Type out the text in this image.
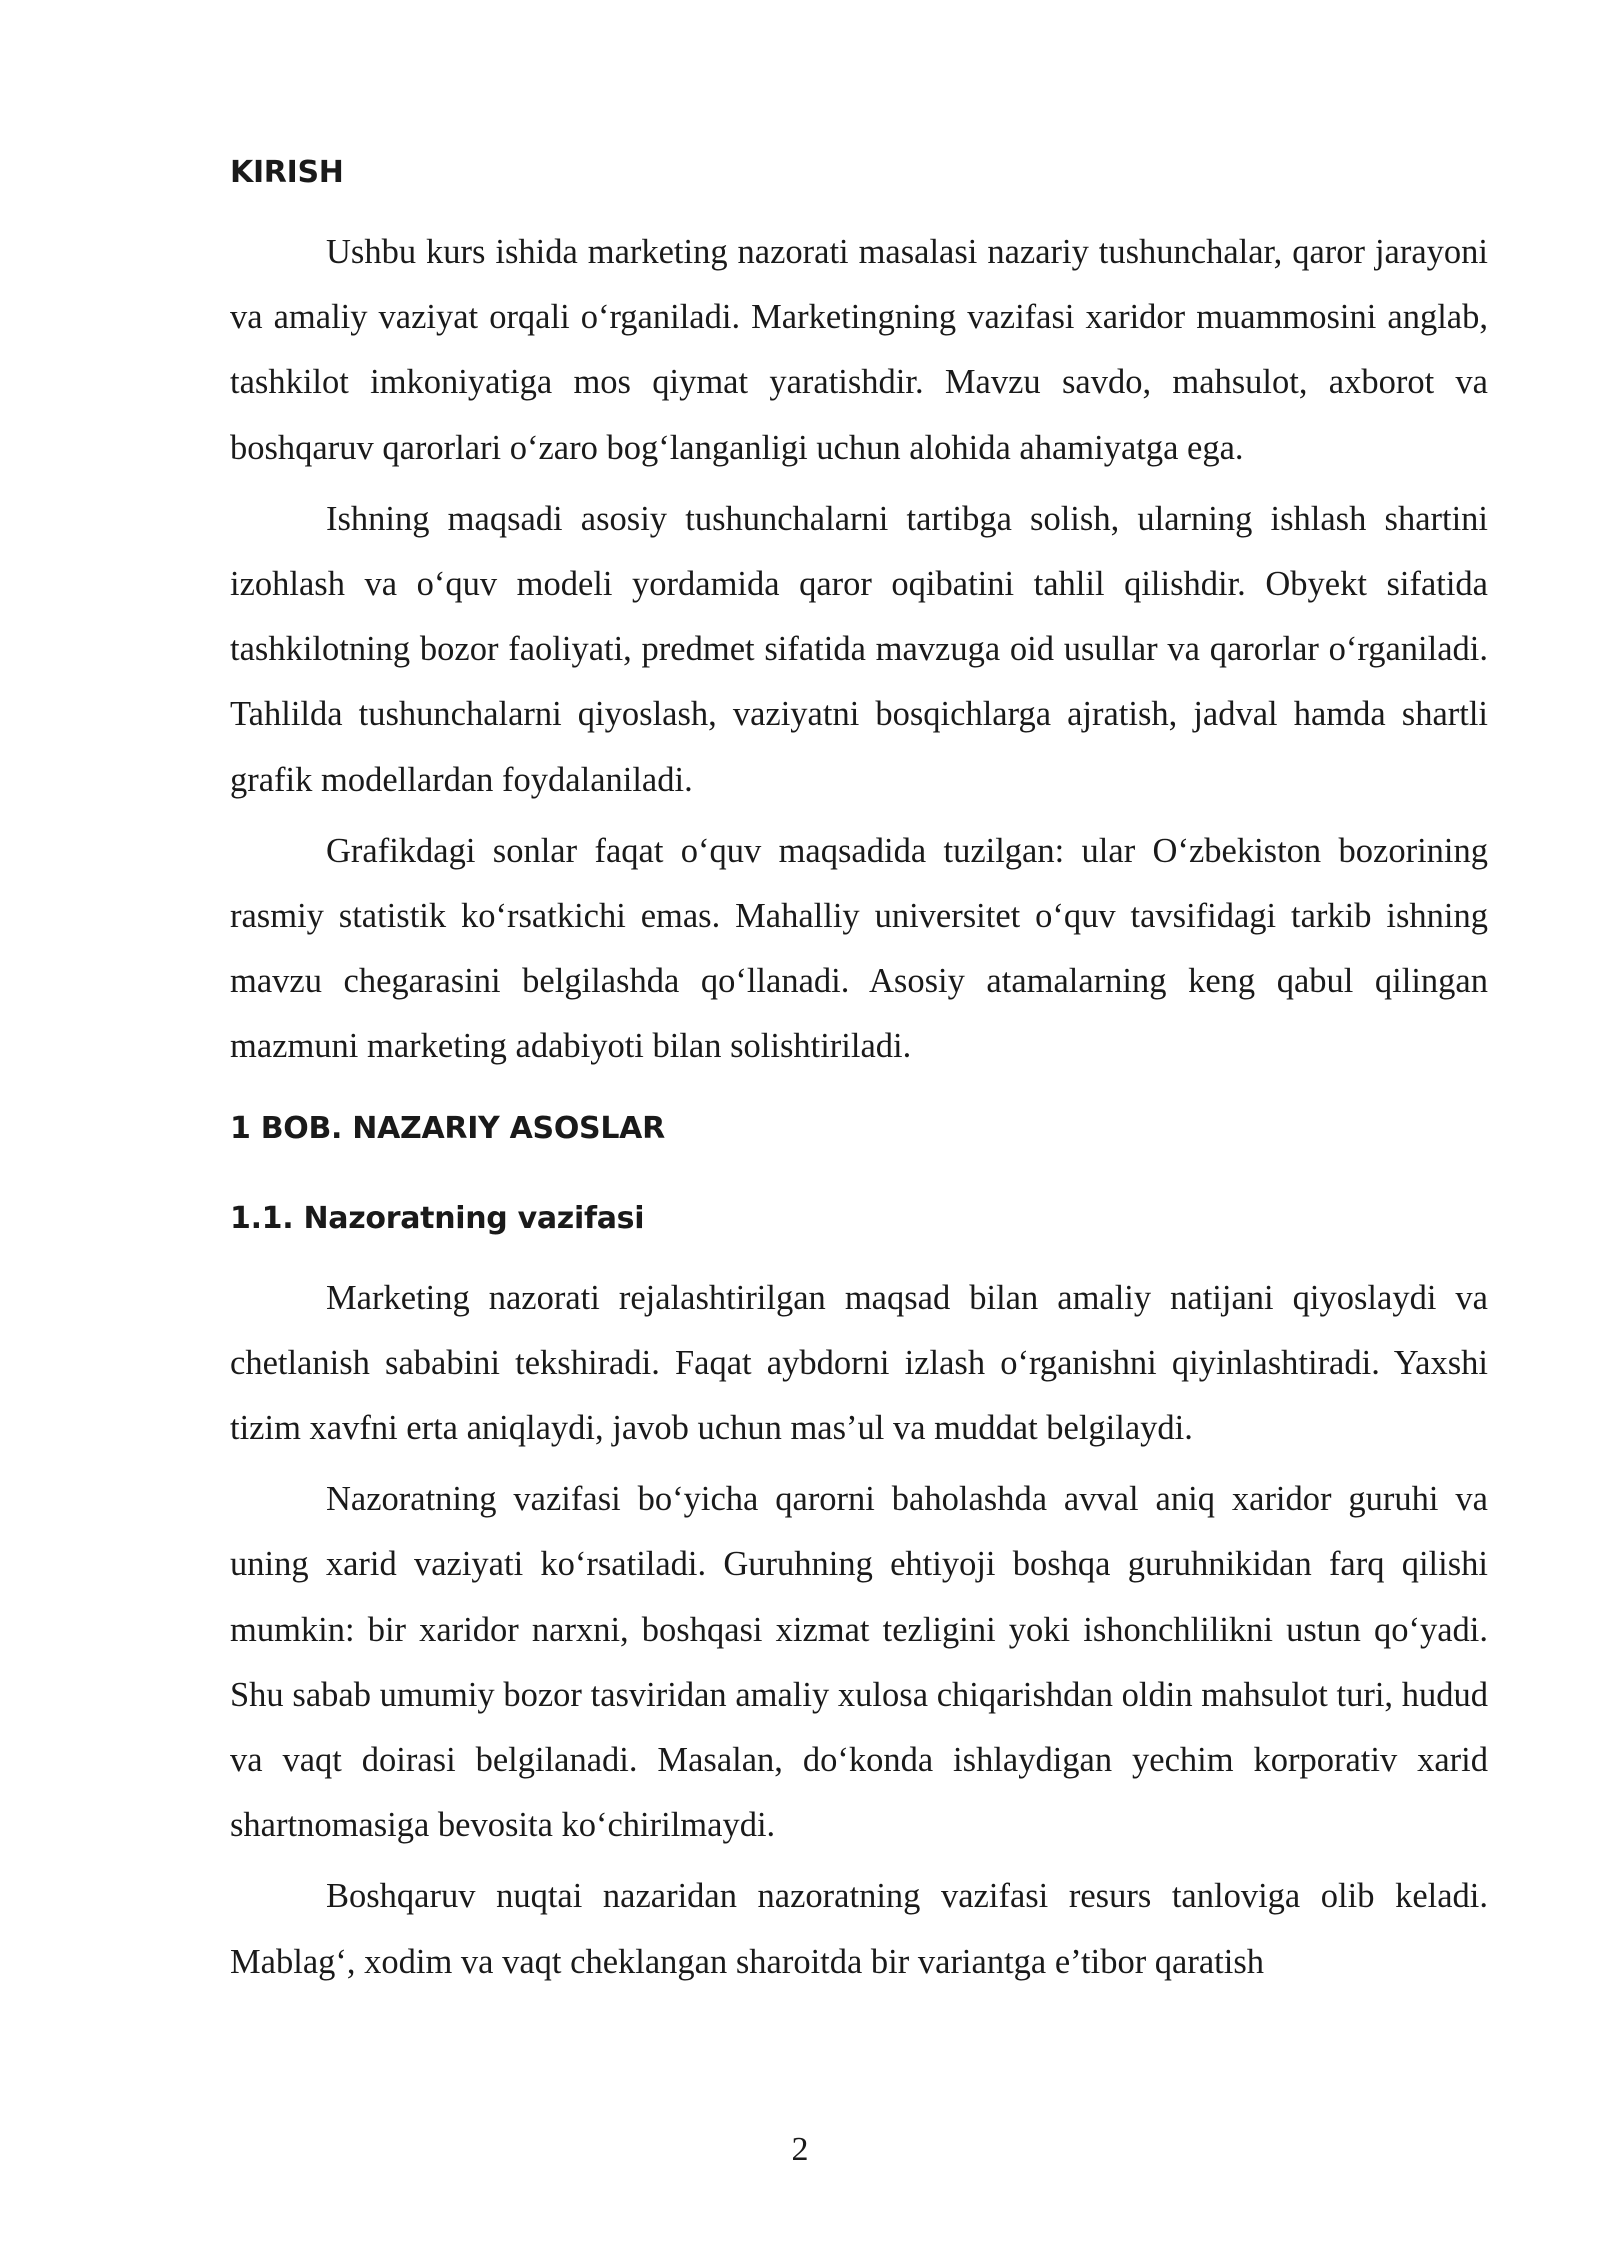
KIRISH

Ushbu kurs ishida marketing nazorati masalasi nazariy tushunchalar, qaror jarayoni va amaliy vaziyat orqali o‘rganiladi. Marketingning vazifasi xaridor muammosini anglab, tashkilot imkoniyatiga mos qiymat yaratishdir. Mavzu savdo, mahsulot, axborot va boshqaruv qarorlari o‘zaro bog‘langanligi uchun alohida ahamiyatga ega.

Ishning maqsadi asosiy tushunchalarni tartibga solish, ularning ishlash shartini izohlash va o‘quv modeli yordamida qaror oqibatini tahlil qilishdir. Obyekt sifatida tashkilotning bozor faoliyati, predmet sifatida mavzuga oid usullar va qarorlar o‘rganiladi. Tahlilda tushunchalarni qiyoslash, vaziyatni bosqichlarga ajratish, jadval hamda shartli grafik modellardan foydalaniladi.

Grafikdagi sonlar faqat o‘quv maqsadida tuzilgan: ular O‘zbekiston bozorining rasmiy statistik ko‘rsatkichi emas. Mahalliy universitet o‘quv tavsifidagi tarkib ishning mavzu chegarasini belgilashda qo‘llanadi. Asosiy atamalarning keng qabul qilingan mazmuni marketing adabiyoti bilan solishtiriladi.

1 BOB. NAZARIY ASOSLAR
1.1. Nazoratning vazifasi

Marketing nazorati rejalashtirilgan maqsad bilan amaliy natijani qiyoslaydi va chetlanish sababini tekshiradi. Faqat aybdorni izlash o‘rganishni qiyinlashtiradi. Yaxshi tizim xavfni erta aniqlaydi, javob uchun mas’ul va muddat belgilaydi.

Nazoratning vazifasi bo‘yicha qarorni baholashda avval aniq xaridor guruhi va uning xarid vaziyati ko‘rsatiladi. Guruhning ehtiyoji boshqa guruhnikidan farq qilishi mumkin: bir xaridor narxni, boshqasi xizmat tezligini yoki ishonchlilikni ustun qo‘yadi. Shu sabab umumiy bozor tasviridan amaliy xulosa chiqarishdan oldin mahsulot turi, hudud va vaqt doirasi belgilanadi. Masalan, do‘konda ishlaydigan yechim korporativ xarid shartnomasiga bevosita ko‘chirilmaydi.

Boshqaruv nuqtai nazaridan nazoratning vazifasi resurs tanloviga olib keladi. Mablag‘, xodim va vaqt cheklangan sharoitda bir variantga e’tibor qaratish

2
